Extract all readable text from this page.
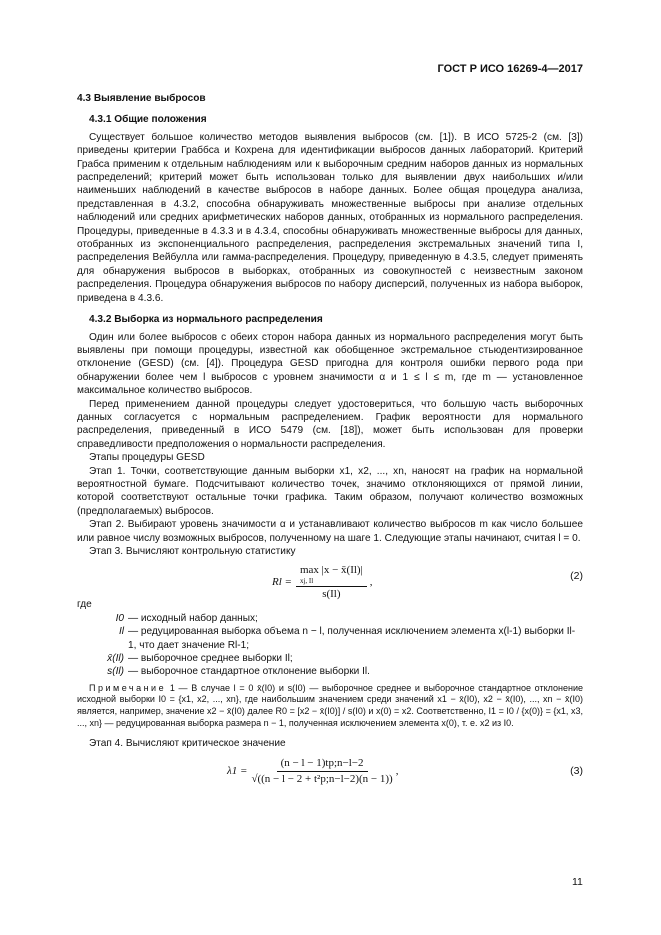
ГОСТ Р ИСО 16269-4—2017

4.3 Выявление выбросов

4.3.1 Общие положения

Существует большое количество методов выявления выбросов (см. [1]). В ИСО 5725-2 (см. [3]) приведены критерии Граббса и Кохрена для идентификации выбросов данных лабораторий. Критерий Грабса применим к отдельным наблюдениям или к выборочным средним наборов данных из нормальных распределений; критерий может быть использован только для выявлении двух наибольших и/или наименьших наблюдений в качестве выбросов в наборе данных. Более общая процедура анализа, представленная в 4.3.2, способна обнаруживать множественные выбросы при анализе отдельных наблюдений или средних арифметических наборов данных, отобранных из нормального распределения. Процедуры, приведенные в 4.3.3 и в 4.3.4, способны обнаруживать множественные выбросы для данных, отобранных из экспоненциального распределения, распределения экстремальных значений типа I, распределения Вейбулла или гамма-распределения. Процедуру, приведенную в 4.3.5, следует применять для обнаружения выбросов в выборках, отобранных из совокупностей с неизвестным законом распределения. Процедура обнаружения выбросов по набору дисперсий, полученных из набора выборок, приведена в 4.3.6.

4.3.2 Выборка из нормального распределения

Один или более выбросов с обеих сторон набора данных из нормального распределения могут быть выявлены при помощи процедуры, известной как обобщенное экстремальное стьюдентизированное отклонение (GESD) (см. [4]). Процедура GESD пригодна для контроля ошибки первого рода при обнаружении более чем l выбросов с уровнем значимости α и 1 ≤ l ≤ m, где m — установленное максимальное количество выбросов.

Перед применением данной процедуры следует удостовериться, что большую часть выборочных данных согласуется с нормальным распределением. График вероятности для нормального распределения, приведенный в ИСО 5479 (см. [18]), может быть использован для проверки справедливости предположения о нормальности распределения.

Этапы процедуры GESD

Этап 1. Точки, соответствующие данным выборки x1, x2, ..., xn, наносят на график на нормальной вероятностной бумаге. Подсчитывают количество точек, значимо отклоняющихся от прямой линии, которой соответствуют остальные точки графика. Таким образом, получают количество возможных (предполагаемых) выбросов.

Этап 2. Выбирают уровень значимости α и устанавливают количество выбросов m как число большее или равное числу возможных выбросов, полученному на шаге 1. Следующие этапы начинают, считая l = 0.

Этап 3. Вычисляют контрольную статистику

Rl = max |x − x̄(Il)|
xj, Il
s(Il) ,	(2)

где

I0 — исходный набор данных;
Il — редуцированная выборка объема n − l, полученная исключением элемента x(l-1) выборки Il-1, что дает значение Rl-1;
x̄(Il) — выборочное среднее выборки Il;
s(Il) — выборочное стандартное отклонение выборки Il.

Примечание 1 — В случае l = 0 x̄(I0) и s(I0) — выборочное среднее и выборочное стандартное отклонение исходной выборки I0 = {x1, x2, ..., xn}, где наибольшим значением среди значений x1 − x̄(I0), x2 − x̄(I0), ..., xn − x̄(I0) является, например, значение x2 − x̄(I0) далее R0 = [x2 − x̄(I0)] / s(I0) и x(0) = x2. Соответственно, I1 = I0 / {x(0)} = {x1, x3, ..., xn} — редуцированная выборка размера n − 1, полученная исключением элемента x(0), т. е. x2 из I0.

Этап 4. Вычисляют критическое значение

$\lambda 1 = \frac{(n - l - 1)tp;n-l-2}{\text{√((n − l − 2 + t²p;n−l−2)(n − 1))}}$ ,	(3)
11
